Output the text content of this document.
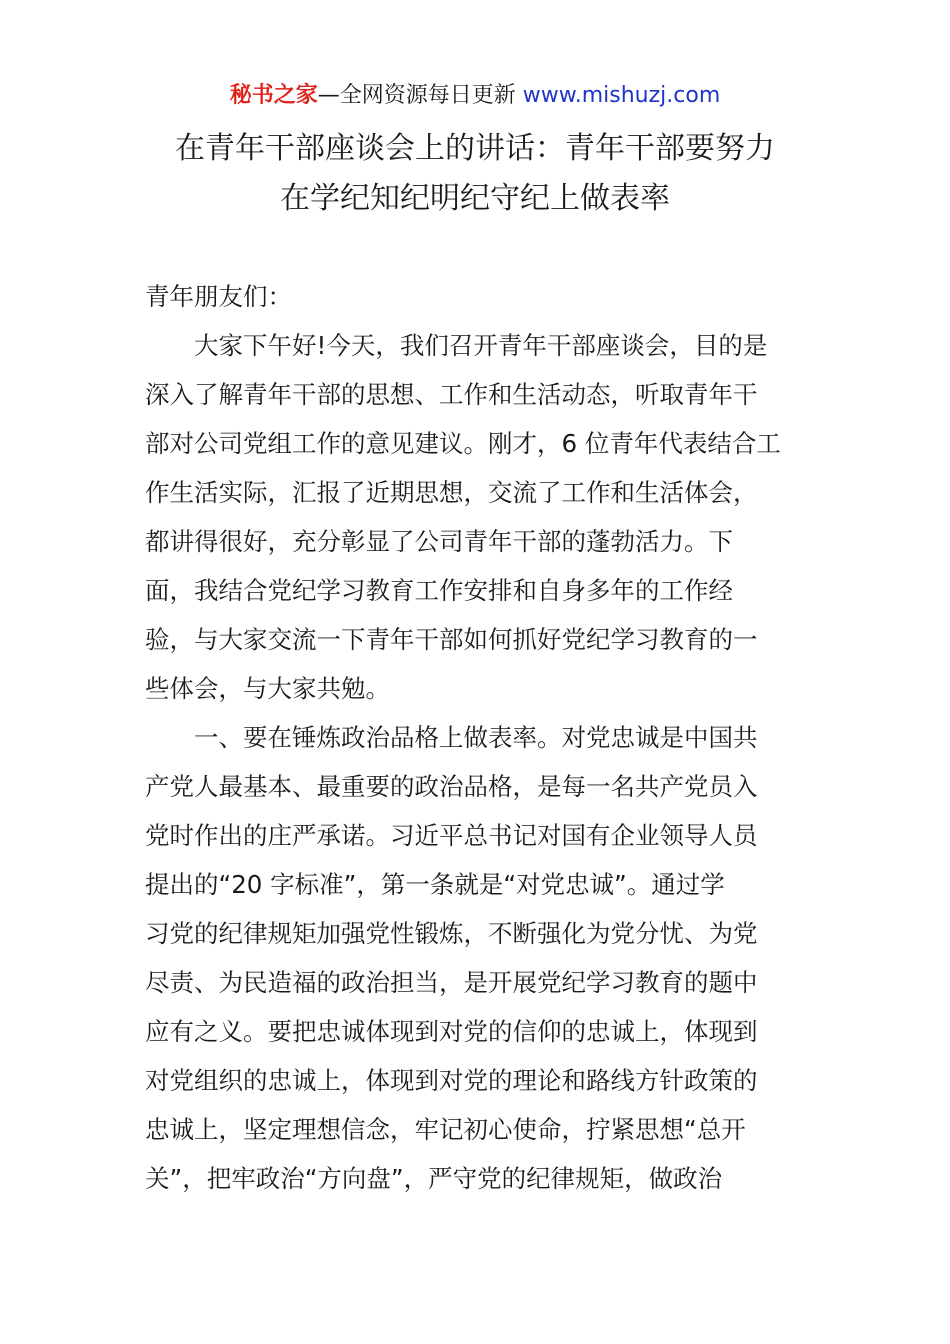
秘书之家—全网资源每日更新 www.mishuzj.com
在青年干部座谈会上的讲话：青年干部要努力
在学纪知纪明纪守纪上做表率
青年朋友们：
大家下午好!今天，我们召开青年干部座谈会，目的是
深入了解青年干部的思想、工作和生活动态，听取青年干
部对公司党组工作的意见建议。刚才，6 位青年代表结合工
作生活实际，汇报了近期思想，交流了工作和生活体会，
都讲得很好，充分彰显了公司青年干部的蓬勃活力。下
面，我结合党纪学习教育工作安排和自身多年的工作经
验，与大家交流一下青年干部如何抓好党纪学习教育的一
些体会，与大家共勉。
一、要在锤炼政治品格上做表率。对党忠诚是中国共
产党人最基本、最重要的政治品格，是每一名共产党员入
党时作出的庄严承诺。习近平总书记对国有企业领导人员
提出的“20 字标准”，第一条就是“对党忠诚”。通过学
习党的纪律规矩加强党性锻炼，不断强化为党分忧、为党
尽责、为民造福的政治担当，是开展党纪学习教育的题中
应有之义。要把忠诚体现到对党的信仰的忠诚上，体现到
对党组织的忠诚上，体现到对党的理论和路线方针政策的
忠诚上，坚定理想信念，牢记初心使命，拧紧思想“总开
关”，把牢政治“方向盘”，严守党的纪律规矩，做政治
